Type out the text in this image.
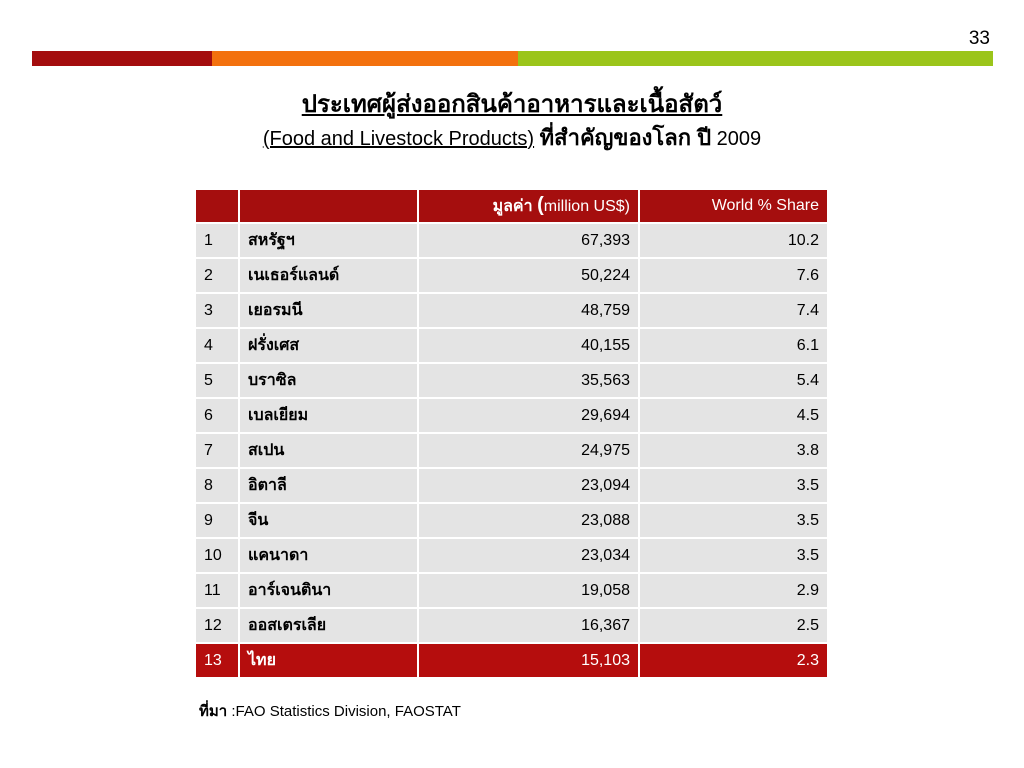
33
ประเทศผู้ส่งออกสินค้าอาหารและเนื้อสัตว์
(Food and Livestock Products) ที่สำคัญของโลก ปี 2009
		มูลค่า (million US$)	World % Share
1	สหรัฐฯ	67,393	10.2
2	เนเธอร์แลนด์	50,224	7.6
3	เยอรมนี	48,759	7.4
4	ฝรั่งเศส	40,155	6.1
5	บราซิล	35,563	5.4
6	เบลเยียม	29,694	4.5
7	สเปน	24,975	3.8
8	อิตาลี	23,094	3.5
9	จีน	23,088	3.5
10	แคนาดา	23,034	3.5
11	อาร์เจนตินา	19,058	2.9
12	ออสเตรเลีย	16,367	2.5
13	ไทย	15,103	2.3
ที่มา :FAO Statistics Division, FAOSTAT
